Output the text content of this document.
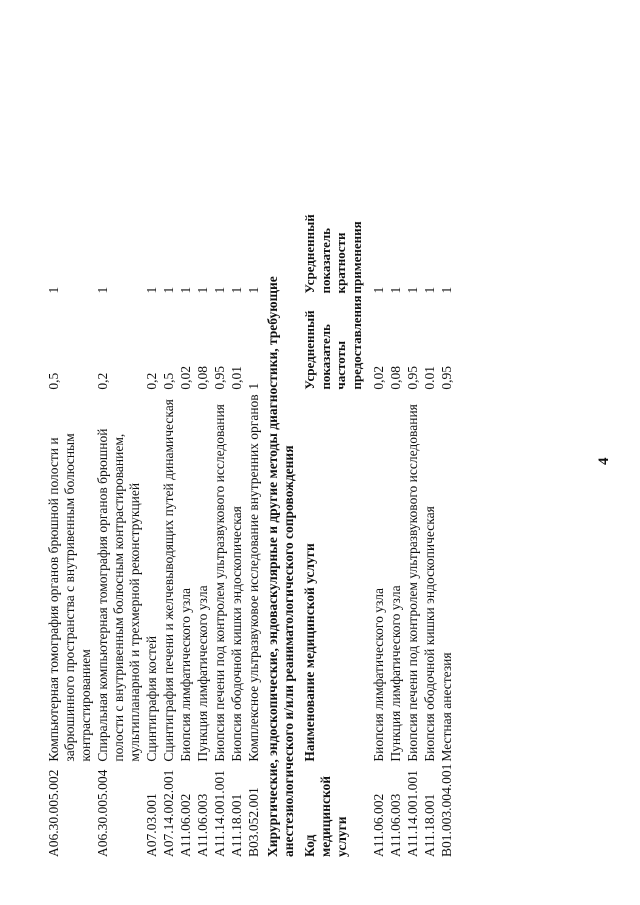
4
A06.30.005.002	Компьютерная томография органов брюшной полости и забрюшинного пространства с внутривенным болюсным контрастированием	0,5	1
A06.30.005.004	Спиральная компьютерная томография органов брюшной полости с внутривенным болюсным контрастированием, мультипланарной и трехмерной реконструкцией	0,2	1
A07.03.001	Сцинтиграфия костей	0,2	1
A07.14.002.001	Сцинтиграфия печени и желчевыводящих путей динамическая	0,5	1
A11.06.002	Биопсия лимфатического узла	0,02	1
A11.06.003	Пункция лимфатического узла	0,08	1
A11.14.001.001	Биопсия печени под контролем ультразвукового исследования	0,95	1
A11.18.001	Биопсия ободочной кишки эндоскопическая	0,01	1
B03.052.001	Комплексное ультразвуковое исследование внутренних органов	1	1
Хирургические, эндоскопические, эндоваскулярные и другие методы диагностики, требующие анестезиологического и/или реаниматологического сопровождения			
Код медицинской услуги	Наименование медицинской услуги	Усредненный показатель частоты предоставления	Усредненный показатель кратности применения
A11.06.002	Биопсия лимфатического узла	0,02	1
A11.06.003	Пункция лимфатического узла	0,08	1
A11.14.001.001	Биопсия печени под контролем ультразвукового исследования	0,95	1
A11.18.001	Биопсия ободочной кишки эндоскопическая	0.01	1
B01.003.004.001	Местная анестезия	0,95	1
